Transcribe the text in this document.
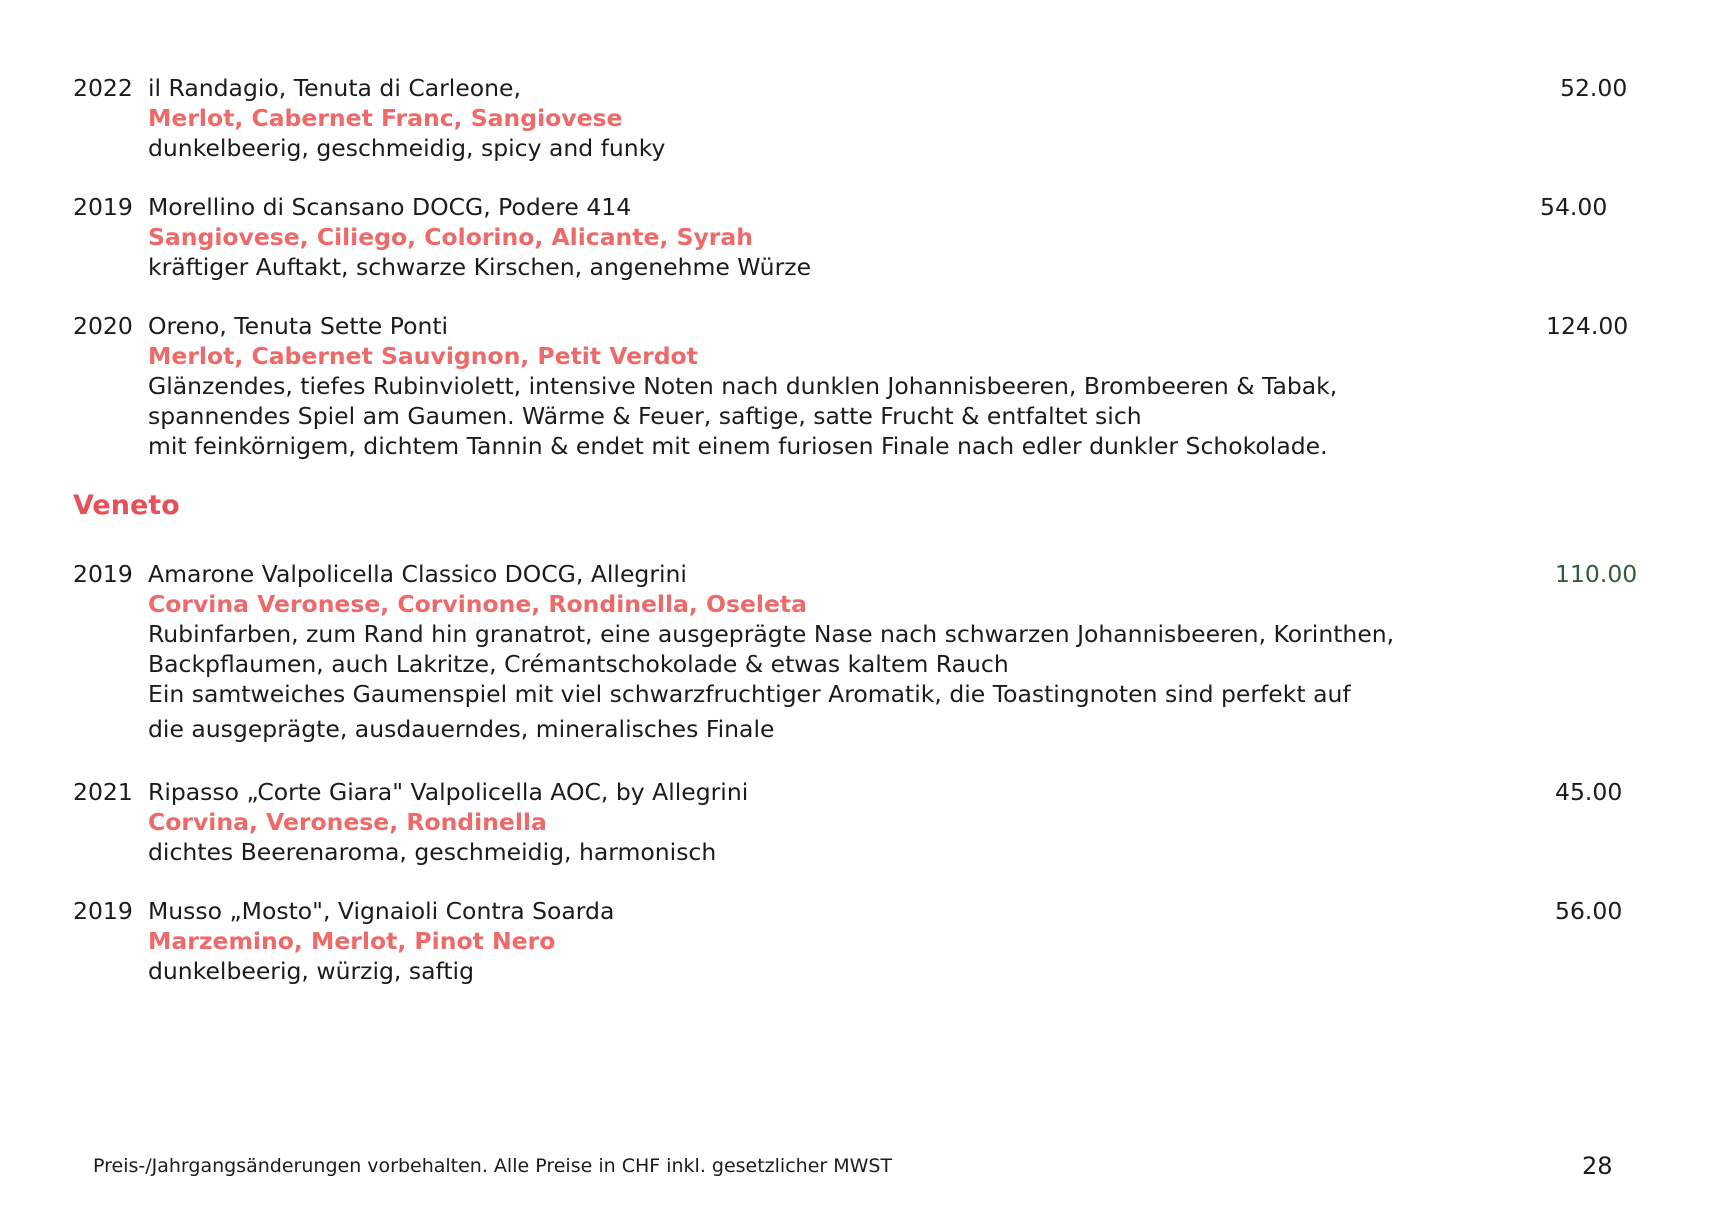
2022 il Randagio, Tenuta di Carleone,	52.00
Merlot, Cabernet Franc, Sangiovese
dunkelbeerig, geschmeidig, spicy and funky
2019 Morellino di Scansano DOCG, Podere 414	54.00
Sangiovese, Ciliego, Colorino, Alicante, Syrah
kräftiger Auftakt, schwarze Kirschen, angenehme Würze
2020 Oreno, Tenuta Sette Ponti	124.00
Merlot, Cabernet Sauvignon, Petit Verdot
Glänzendes, tiefes Rubinviolett, intensive Noten nach dunklen Johannisbeeren, Brombeeren & Tabak,
spannendes Spiel am Gaumen. Wärme & Feuer, saftige, satte Frucht & entfaltet sich
mit feinkörnigem, dichtem Tannin & endet mit einem furiosen Finale nach edler dunkler Schokolade.
Veneto
2019 Amarone Valpolicella Classico DOCG, Allegrini	110.00
Corvina Veronese, Corvinone, Rondinella, Oseleta
Rubinfarben, zum Rand hin granatrot, eine ausgeprägte Nase nach schwarzen Johannisbeeren, Korinthen,
Backpflaumen, auch Lakritze, Crémantschokolade & etwas kaltem Rauch
Ein samtweiches Gaumenspiel mit viel schwarzfruchtiger Aromatik, die Toastingnoten sind perfekt auf
die ausgeprägte, ausdauerndes, mineralisches Finale
2021 Ripasso „Corte Giara" Valpolicella AOC, by Allegrini	45.00
Corvina, Veronese, Rondinella
dichtes Beerenaroma, geschmeidig, harmonisch
2019 Musso „Mosto", Vignaioli Contra Soarda	56.00
Marzemino, Merlot, Pinot Nero
dunkelbeerig, würzig, saftig
Preis-/Jahrgangsänderungen vorbehalten. Alle Preise in CHF inkl. gesetzlicher MWST	28
